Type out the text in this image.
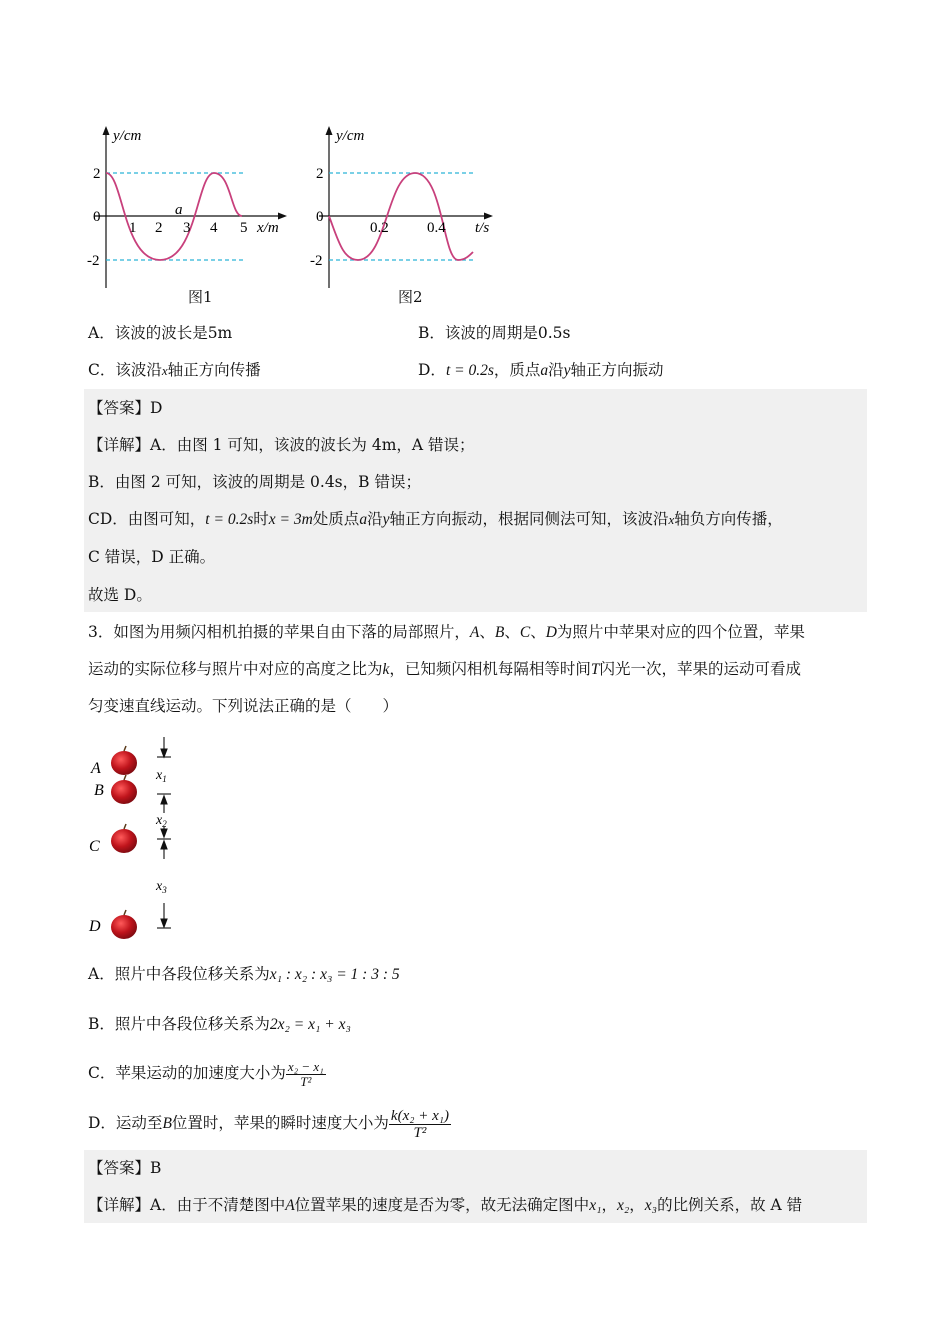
y/cm
2
0
-2
1 2 3 4 5 x/m
a
图1
y/cm
2
0
-2
0.2	0.4 t/s
图2
A．该波的波长是5m	B．该波的周期是0.5s
C．该波沿x轴正方向传播	D．t = 0.2s，质点a沿y轴正方向振动
【答案】D
【详解】A．由图 1 可知，该波的波长为 4m，A 错误；
B．由图 2 可知，该波的周期是 0.4s，B 错误；
CD．由图可知，t = 0.2s时x = 3m处质点a沿y轴正方向振动，根据同侧法可知，该波沿x轴负方向传播，
C 错误，D 正确。
故选 D。
3．如图为用频闪相机拍摄的苹果自由下落的局部照片，A、B、C、D为照片中苹果对应的四个位置，苹果
运动的实际位移与照片中对应的高度之比为k，已知频闪相机每隔相等时间T闪光一次，苹果的运动可看成
匀变速直线运动。下列说法正确的是（　　）
A
B
C
D
$x_1$
$x_2$
$x_3$
A．照片中各段位移关系为x₁ : x₂ : x₃ = 1 : 3 : 5
B．照片中各段位移关系为2x₂ = x₁ + x₃
C．苹果运动的加速度大小为 $\frac{\text{x₂ − x₁}}{\text{T²}}$
D．运动至B位置时，苹果的瞬时速度大小为 $\frac{\text{k(x₂ + x₁)}}{\text{T²}}$
【答案】B
【详解】A．由于不清楚图中A位置苹果的速度是否为零，故无法确定图中x₁，x₂，x₃的比例关系，故 A 错
